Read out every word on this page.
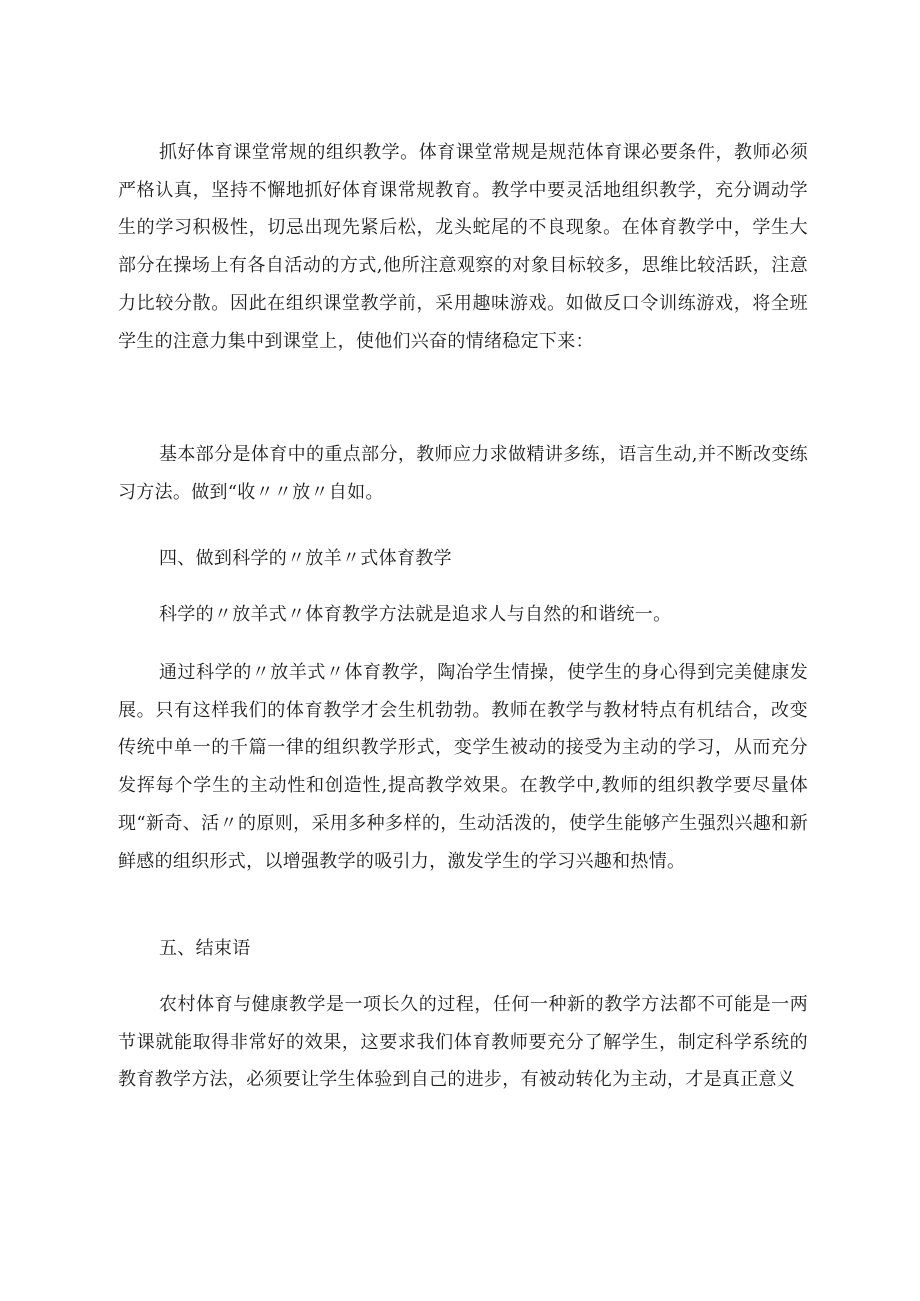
抓好体育课堂常规的组织教学。体育课堂常规是规范体育课必要条件，教师必须严格认真，坚持不懈地抓好体育课常规教育。教学中要灵活地组织教学，充分调动学生的学习积极性，切忌出现先紧后松，龙头蛇尾的不良现象。在体育教学中，学生大部分在操场上有各自活动的方式,他所注意观察的对象目标较多，思维比较活跃，注意力比较分散。因此在组织课堂教学前，采用趣味游戏。如做反口令训练游戏，将全班学生的注意力集中到课堂上，使他们兴奋的情绪稳定下来：

基本部分是体育中的重点部分，教师应力求做精讲多练，语言生动,并不断改变练习方法。做到“收〃〃放〃自如。

四、做到科学的〃放羊〃式体育教学

科学的〃放羊式〃体育教学方法就是追求人与自然的和谐统一。

通过科学的〃放羊式〃体育教学，陶冶学生情操，使学生的身心得到完美健康发展。只有这样我们的体育教学才会生机勃勃。教师在教学与教材特点有机结合，改变传统中单一的千篇一律的组织教学形式，变学生被动的接受为主动的学习，从而充分发挥每个学生的主动性和创造性,提高教学效果。在教学中,教师的组织教学要尽量体现“新奇、活〃的原则，采用多种多样的，生动活泼的，使学生能够产生强烈兴趣和新鲜感的组织形式，以增强教学的吸引力，激发学生的学习兴趣和热情。

五、结束语

农村体育与健康教学是一项长久的过程，任何一种新的教学方法都不可能是一两节课就能取得非常好的效果，这要求我们体育教师要充分了解学生，制定科学系统的教育教学方法，必须要让学生体验到自己的进步，有被动转化为主动，才是真正意义
